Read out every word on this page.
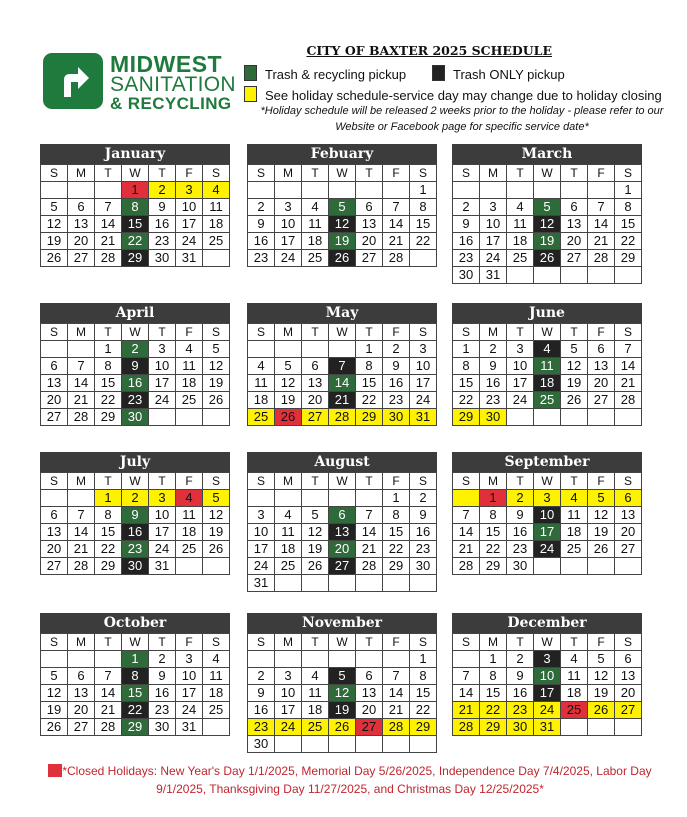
MIDWEST
SANITATION
& RECYCLING
CITY OF BAXTER 2025 SCHEDULE
Trash & recycling pickup	Trash ONLY pickup
See holiday schedule-service day may change due to holiday closing
*Holiday schedule will be released 2 weeks prior to the holiday - please refer to our Website or Facebook page for specific service date*
January
S	M	T	W	T	F	S
			1	2	3	4
5	6	7	8	9	10	11
12	13	14	15	16	17	18
19	20	21	22	23	24	25
26	27	28	29	30	31	
Febuary
S	M	T	W	T	F	S
						1
2	3	4	5	6	7	8
9	10	11	12	13	14	15
16	17	18	19	20	21	22
23	24	25	26	27	28	
March
S	M	T	W	T	F	S
						1
2	3	4	5	6	7	8
9	10	11	12	13	14	15
16	17	18	19	20	21	22
23	24	25	26	27	28	29
30	31					
April
S	M	T	W	T	F	S
		1	2	3	4	5
6	7	8	9	10	11	12
13	14	15	16	17	18	19
20	21	22	23	24	25	26
27	28	29	30			
May
S	M	T	W	T	F	S
				1	2	3
4	5	6	7	8	9	10
11	12	13	14	15	16	17
18	19	20	21	22	23	24
25	26	27	28	29	30	31
June
S	M	T	W	T	F	S
1	2	3	4	5	6	7
8	9	10	11	12	13	14
15	16	17	18	19	20	21
22	23	24	25	26	27	28
29	30					
July
S	M	T	W	T	F	S
		1	2	3	4	5
6	7	8	9	10	11	12
13	14	15	16	17	18	19
20	21	22	23	24	25	26
27	28	29	30	31		
August
S	M	T	W	T	F	S
					1	2
3	4	5	6	7	8	9
10	11	12	13	14	15	16
17	18	19	20	21	22	23
24	25	26	27	28	29	30
31						
September
S	M	T	W	T	F	S
	1	2	3	4	5	6
7	8	9	10	11	12	13
14	15	16	17	18	19	20
21	22	23	24	25	26	27
28	29	30				
October
S	M	T	W	T	F	S
			1	2	3	4
5	6	7	8	9	10	11
12	13	14	15	16	17	18
19	20	21	22	23	24	25
26	27	28	29	30	31	
November
S	M	T	W	T	F	S
						1
2	3	4	5	6	7	8
9	10	11	12	13	14	15
16	17	18	19	20	21	22
23	24	25	26	27	28	29
30						
December
S	M	T	W	T	F	S
	1	2	3	4	5	6
7	8	9	10	11	12	13
14	15	16	17	18	19	20
21	22	23	24	25	26	27
28	29	30	31			
*Closed Holidays: New Year's Day 1/1/2025, Memorial Day 5/26/2025, Independence Day 7/4/2025, Labor Day 9/1/2025, Thanksgiving Day 11/27/2025, and Christmas Day 12/25/2025*
